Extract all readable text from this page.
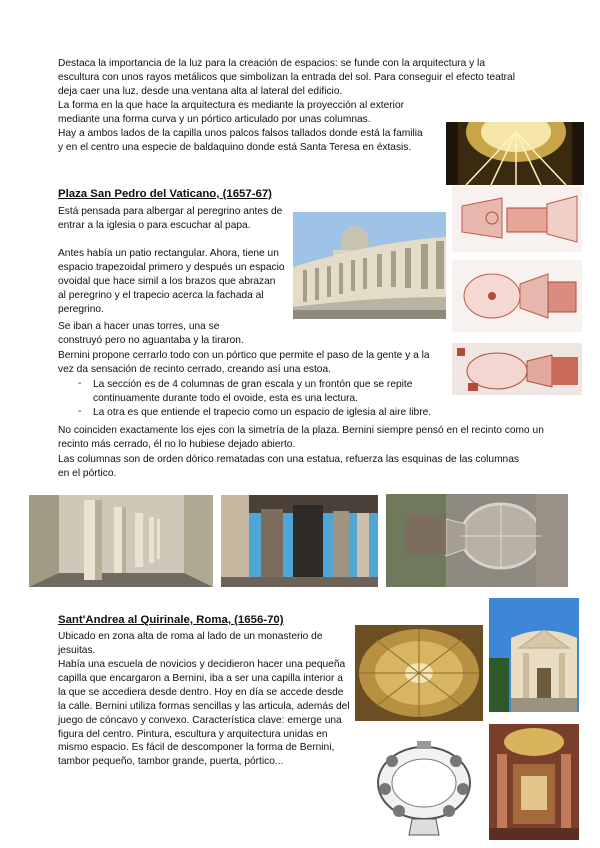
Destaca la importancia de la luz para la creación de espacios: se funde con la arquitectura y la escultura con unos rayos metálicos que simbolizan la entrada del sol. Para conseguir el efecto teatral deja caer una luz, desde una ventana alta al lateral del edificio.

La forma en la que hace la arquitectura es mediante la proyección al exterior mediante una forma curva y un pórtico articulado por unas columnas.

Hay a ambos lados de la capilla unos palcos falsos tallados donde está la familia y en el centro una especie de baldaquino donde está Santa Teresa en éxtasis.

Plaza San Pedro del Vaticano, (1657-67)

Está pensada para albergar al peregrino antes de entrar a la iglesia o para escuchar al papa.

Antes había un patio rectangular. Ahora, tiene un espacio trapezoidal primero y después un espacio ovoidal que hace simil a los brazos que abrazan al peregrino y el trapecio acerca la fachada al peregrino.

Se iban a hacer unas torres, una se construyó pero no aguantaba y la tiraron.

Bernini propone cerrarlo todo con un pórtico que permite el paso de la gente y a la vez da sensación de recinto cerrado, creando así una estoa.

- La sección es de 4 columnas de gran escala y un frontón que se repite continuamente durante todo el ovoide, esta es una lectura.

- La otra es que entiende el trapecio como un espacio de iglesia al aire libre.

No coinciden exactamente los ejes con la simetría de la plaza. Bernini siempre pensó en el recinto como un recinto más cerrado, él no lo hubiese dejado abierto.

Las columnas son de orden dórico rematadas con una estatua, refuerza las esquinas de las columnas en el pórtico.

Sant'Andrea al Quirinale, Roma, (1656-70)

Ubicado en zona alta de roma al lado de un monasterio de jesuitas.

Había una escuela de novicios y decidieron hacer una pequeña capilla que encargaron a Bernini, iba a ser una capilla interior a la que se accediera desde dentro. Hoy en día se accede desde la calle. Bernini utiliza formas sencillas y las articula, además del juego de cóncavo y convexo. Característica clave: emerge una figura del centro. Pintura, escultura y arquitectura unidas en mismo espacio. Es fácil de descomponer la forma de Bernini, tambor pequeño, tambor grande, puerta, pórtico...
